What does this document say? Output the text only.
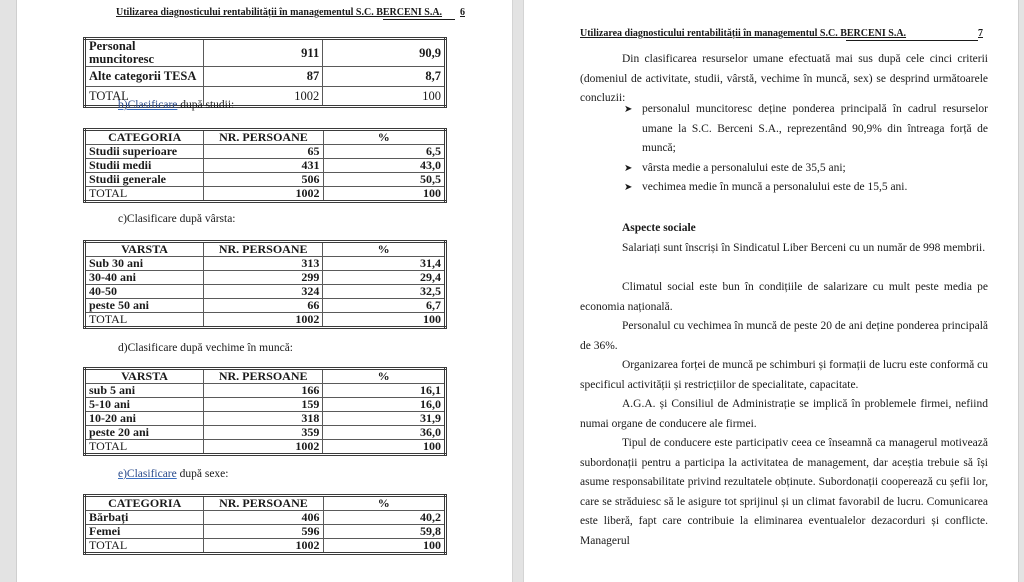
Utilizarea diagnosticului rentabilității în managementul S.C. BERCENI S.A. 6
Personal muncitoresc	911	90,9
Alte categorii TESA	87	8,7
TOTAL	1002	100
b)Clasificare după studii:
CATEGORIA	NR. PERSOANE	%
Studii superioare	65	6,5
Studii medii	431	43,0
Studii generale	506	50,5
TOTAL	1002	100
c)Clasificare după vârsta:
VARSTA	NR. PERSOANE	%
Sub 30 ani	313	31,4
30-40 ani	299	29,4
40-50	324	32,5
peste 50 ani	66	6,7
TOTAL	1002	100
d)Clasificare după vechime în muncă:
VARSTA	NR. PERSOANE	%
sub 5 ani	166	16,1
5-10 ani	159	16,0
10-20 ani	318	31,9
peste 20 ani	359	36,0
TOTAL	1002	100
e)Clasificare după sexe:
CATEGORIA	NR. PERSOANE	%
Bărbați	406	40,2
Femei	596	59,8
TOTAL	1002	100
Utilizarea diagnosticului rentabilității în managementul S.C. BERCENI S.A.	7

Din clasificarea resurselor umane efectuată mai sus după cele cinci criterii (domeniul de activitate, studii, vârstă, vechime în muncă, sex) se desprind următoarele concluzii:

➤ personalul muncitoresc deține ponderea principală în cadrul resurselor umane la S.C. Berceni S.A., reprezentând 90,9% din întreaga forță de muncă;
➤ vârsta medie a personalului este de 35,5 ani;
➤ vechimea medie în muncă a personalului este de 15,5 ani.
Aspecte sociale

Salariați sunt înscriși în Sindicatul Liber Berceni cu un număr de 998 membrii.

Climatul social este bun în condițiile de salarizare cu mult peste media pe economia națională.

Personalul cu vechimea în muncă de peste 20 de ani deține ponderea principală de 36%.

Organizarea forței de muncă pe schimburi și formații de lucru este conformă cu specificul activității și restricțiilor de specialitate, capacitate.

A.G.A. și Consiliul de Administrație se implică în problemele firmei, nefiind numai organe de conducere ale firmei.

Tipul de conducere este participativ ceea ce înseamnă ca managerul motivează subordonații pentru a participa la activitatea de management, dar aceștia trebuie să își asume responsabilitate privind rezultatele obținute. Subordonații cooperează cu șefii lor, care se străduiesc să le asigure tot sprijinul și un climat favorabil de lucru. Comunicarea este liberă, fapt care contribuie la eliminarea eventualelor dezacorduri și conflicte. Managerul
